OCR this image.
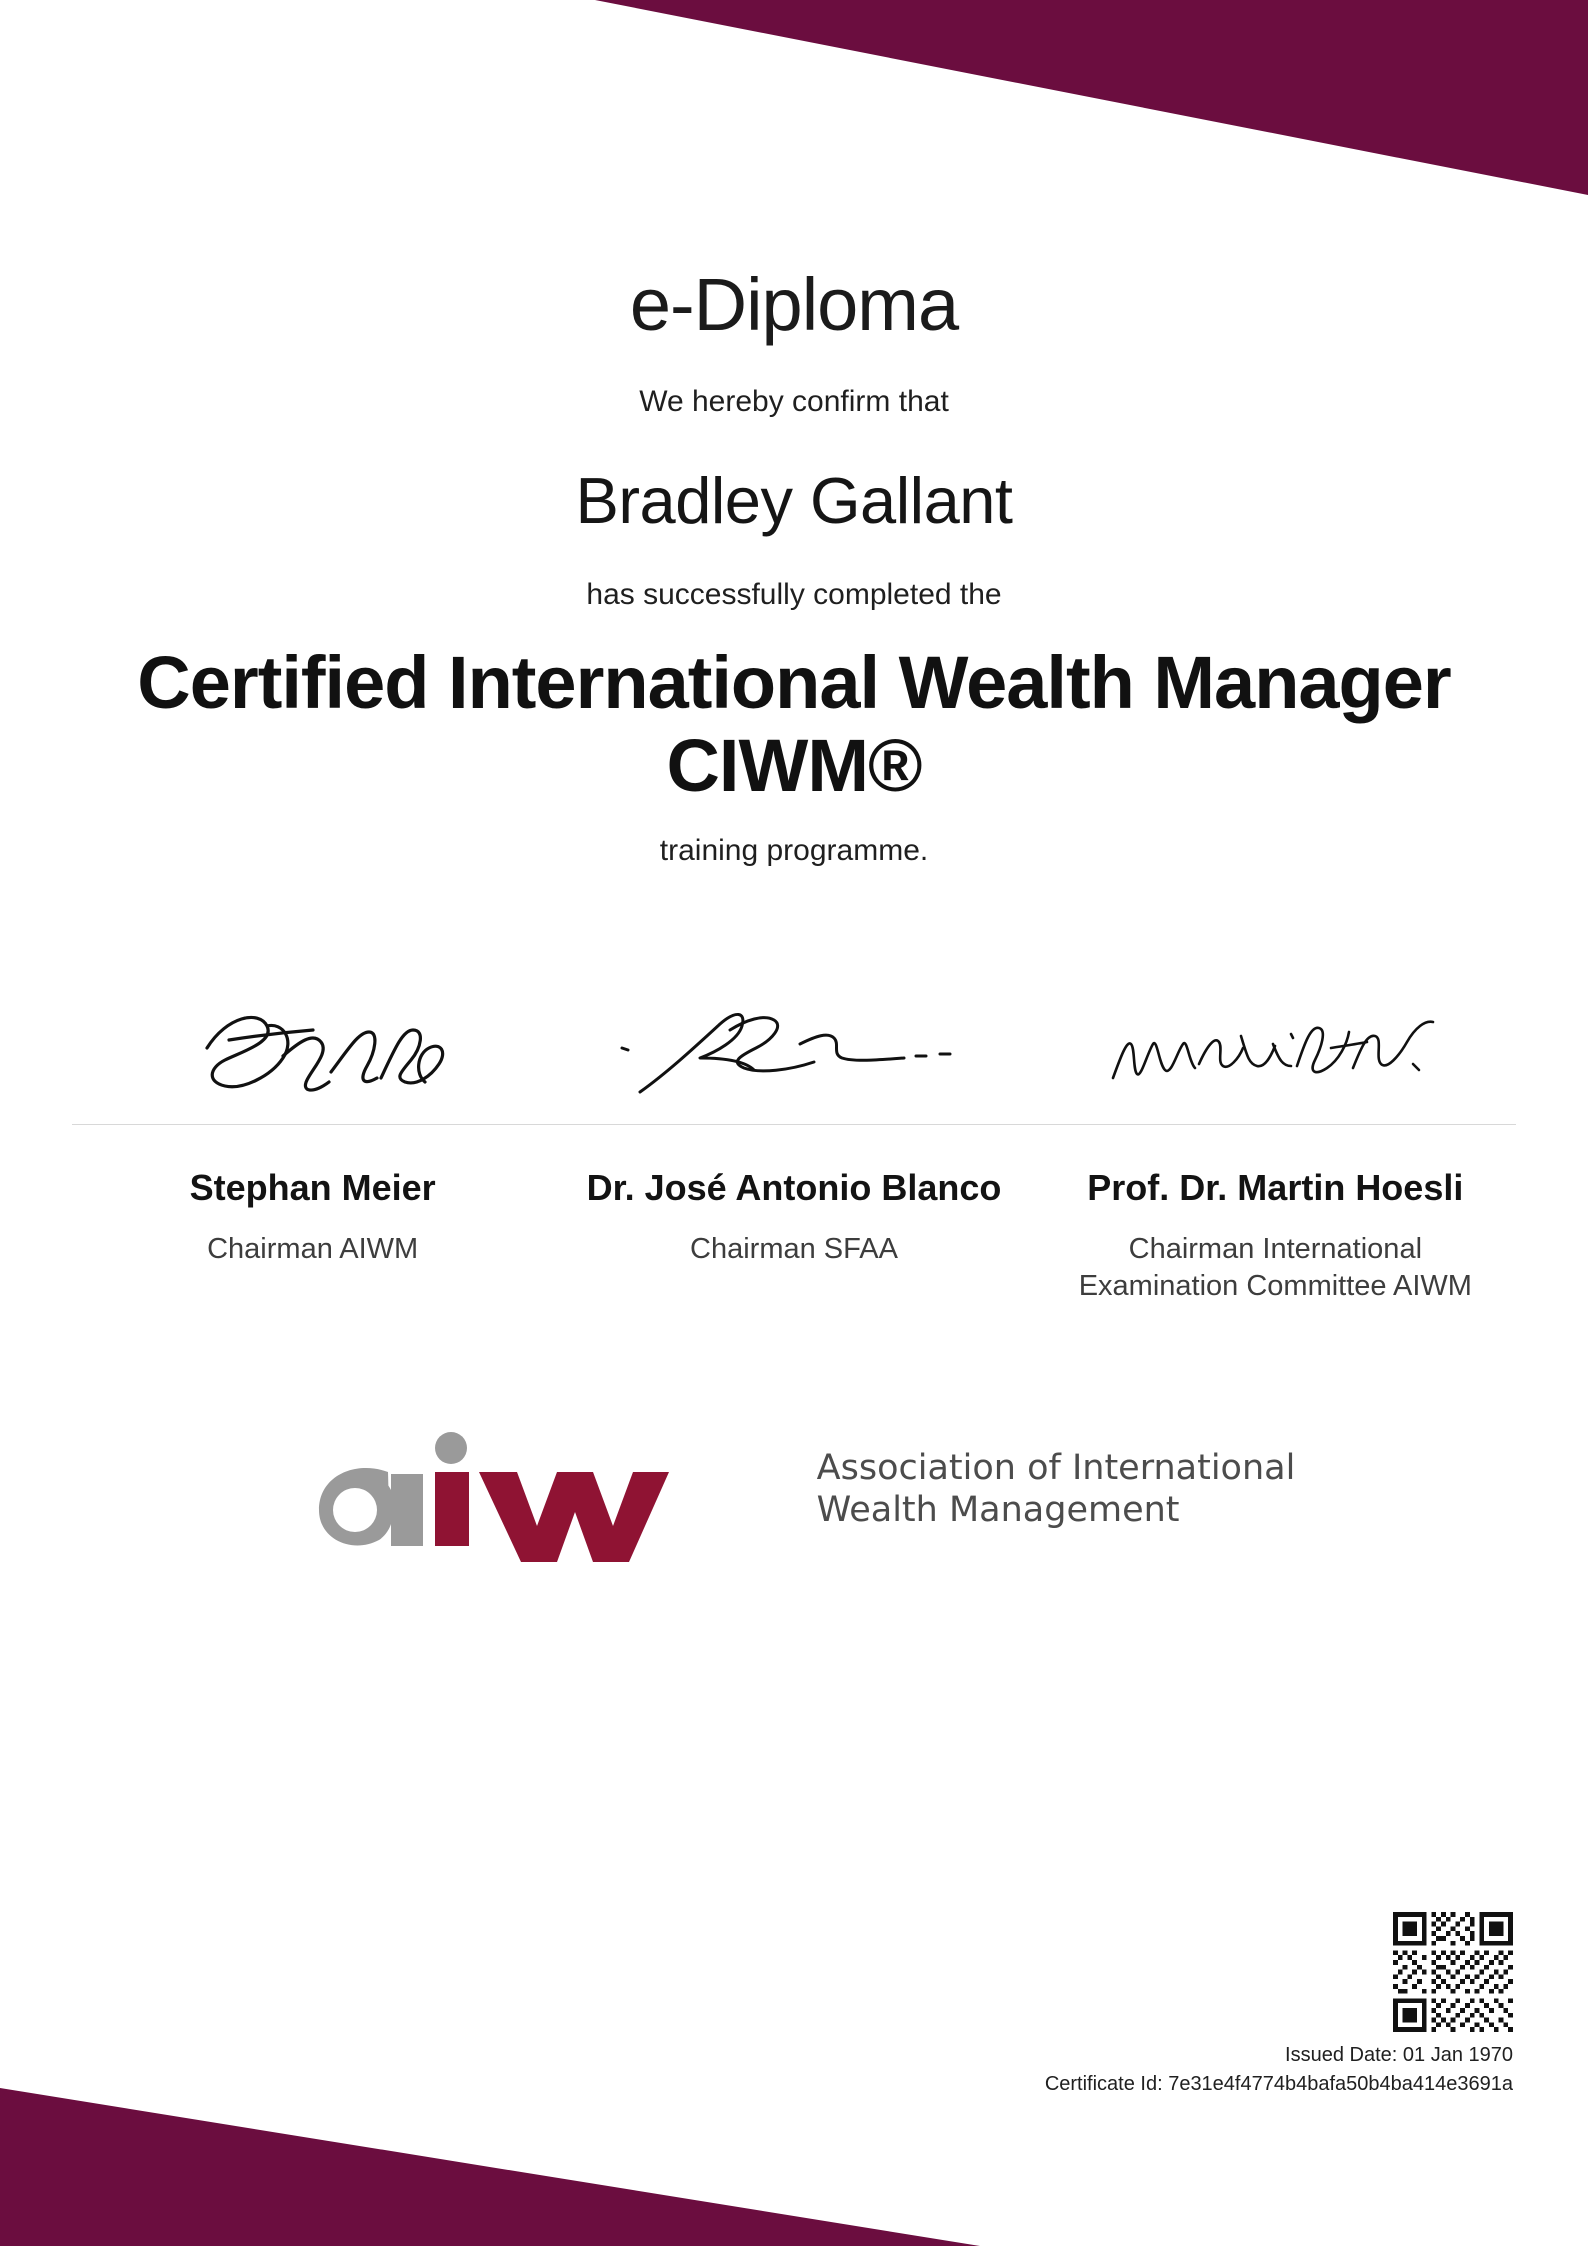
e-Diploma
We hereby confirm that
Bradley Gallant
has successfully completed the
Certified International Wealth Manager CIWM®
training programme.
Stephan Meier
Chairman AIWM
Dr. José Antonio Blanco
Chairman SFAA
Prof. Dr. Martin Hoesli
Chairman International Examination Committee AIWM
Association of International
Wealth Management
Issued Date: 01 Jan 1970
Certificate Id: 7e31e4f4774b4bafa50b4ba414e3691a
